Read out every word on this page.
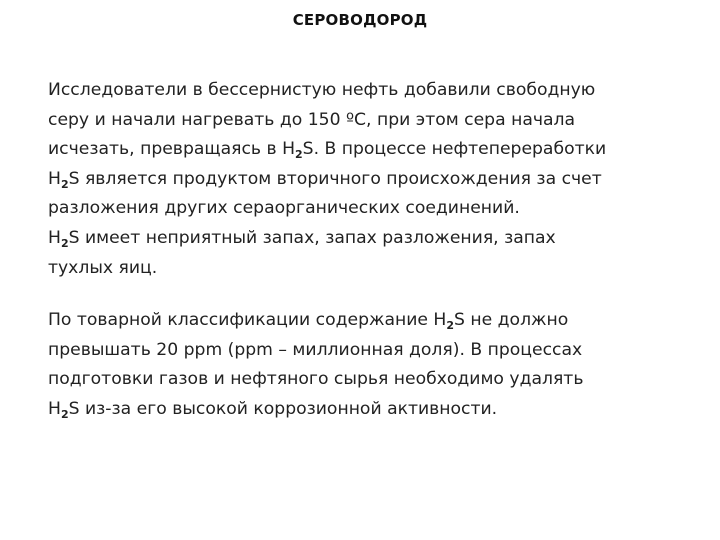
СЕРОВОДОРОД
Исследователи в бессернистую нефть добавили свободную
серу и начали нагревать до 150 ºС, при этом сера начала
исчезать, превращаясь в $H_2S$. В процессе нефтепереработки
$H_2S$ является продуктом вторичного происхождения за счет
разложения других сераорганических соединений.
$H_2S$ имеет неприятный запах, запах разложения, запах
тухлых яиц.
По товарной классификации содержание $H_2S$ не должно
превышать 20 ppm (ppm – миллионная доля). В процессах
подготовки газов и нефтяного сырья необходимо удалять
$H_2S$ из-за его высокой коррозионной активности.
